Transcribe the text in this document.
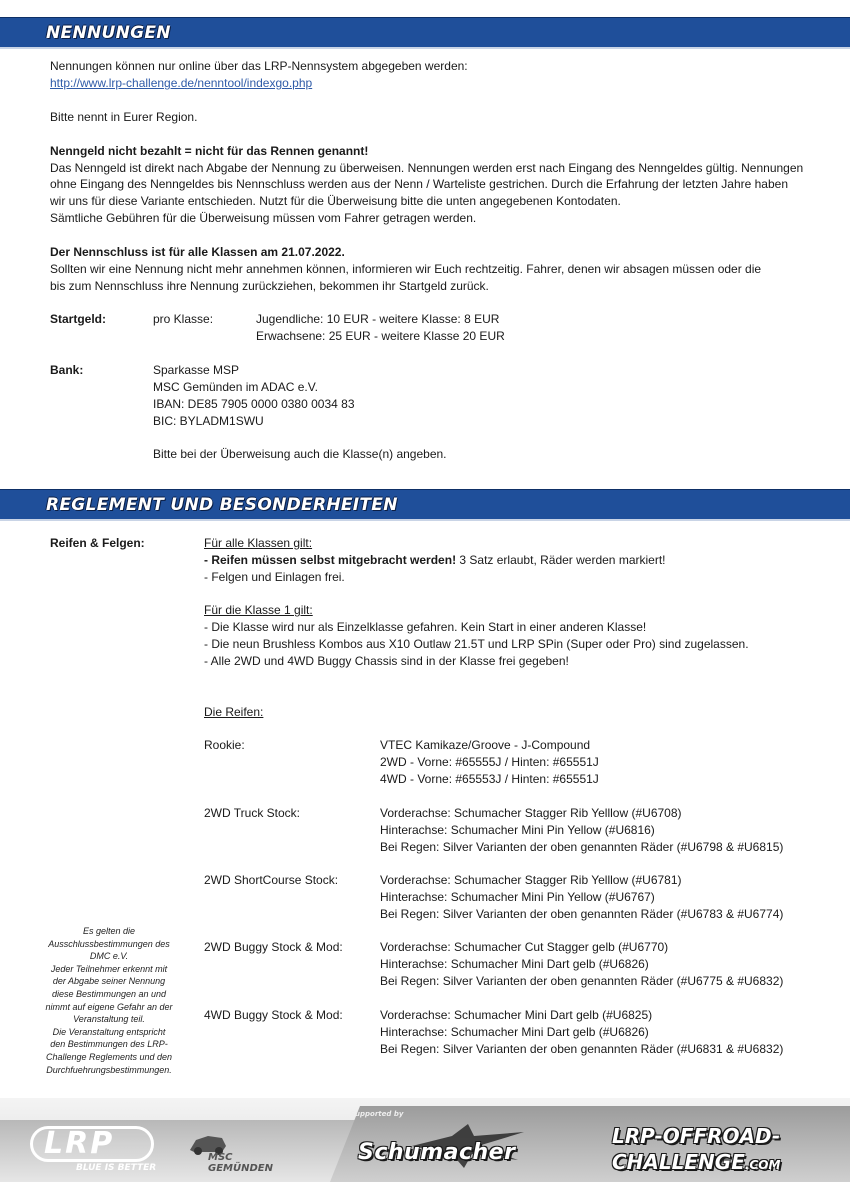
NENNUNGEN
Nennungen können nur online über das LRP-Nennsystem abgegeben werden:
http://www.lrp-challenge.de/nenntool/indexgo.php
Bitte nennt in Eurer Region.
Nenngeld nicht bezahlt = nicht für das Rennen genannt!
Das Nenngeld ist direkt nach Abgabe der Nennung zu überweisen. Nennungen werden erst nach Eingang des Nenngeldes gültig. Nennungen
ohne Eingang des Nenngeldes bis Nennschluss werden aus der Nenn / Warteliste gestrichen. Durch die Erfahrung der letzten Jahre haben
wir uns für diese Variante entschieden. Nutzt für die Überweisung bitte die unten angegebenen Kontodaten.
Sämtliche Gebühren für die Überweisung müssen vom Fahrer getragen werden.
Der Nennschluss ist für alle Klassen am 21.07.2022.
Sollten wir eine Nennung nicht mehr annehmen können, informieren wir Euch rechtzeitig. Fahrer, denen wir absagen müssen oder die
bis zum Nennschluss ihre Nennung zurückziehen, bekommen ihr Startgeld zurück.
Startgeld:	pro Klasse:	Jugendliche: 10 EUR - weitere Klasse: 8 EUR
Erwachsene: 25 EUR - weitere Klasse 20 EUR
Bank:	Sparkasse MSP
MSC Gemünden im ADAC e.V.
IBAN: DE85 7905 0000 0380 0034 83
BIC: BYLADM1SWU
Bitte bei der Überweisung auch die Klasse(n) angeben.
REGLEMENT UND BESONDERHEITEN
Reifen & Felgen:	Für alle Klassen gilt:
- Reifen müssen selbst mitgebracht werden! 3 Satz erlaubt, Räder werden markiert!
- Felgen und Einlagen frei.
Für die Klasse 1 gilt:
- Die Klasse wird nur als Einzelklasse gefahren. Kein Start in einer anderen Klasse!
- Die neun Brushless Kombos aus X10 Outlaw 21.5T und LRP SPin (Super oder Pro) sind zugelassen.
- Alle 2WD und 4WD Buggy Chassis sind in der Klasse frei gegeben!
Die Reifen:
Rookie:	VTEC Kamikaze/Groove - J-Compound
2WD - Vorne: #65555J / Hinten: #65551J
4WD - Vorne: #65553J / Hinten: #65551J
2WD Truck Stock:	Vorderachse: Schumacher Stagger Rib Yelllow (#U6708)
Hinterachse: Schumacher Mini Pin Yellow (#U6816)
Bei Regen: Silver Varianten der oben genannten Räder (#U6798 & #U6815)
2WD ShortCourse Stock:	Vorderachse: Schumacher Stagger Rib Yelllow (#U6781)
Hinterachse: Schumacher Mini Pin Yellow (#U6767)
Bei Regen: Silver Varianten der oben genannten Räder (#U6783 & #U6774)
2WD Buggy Stock & Mod:	Vorderachse: Schumacher Cut Stagger gelb (#U6770)
Hinterachse: Schumacher Mini Dart gelb (#U6826)
Bei Regen: Silver Varianten der oben genannten Räder (#U6775 & #U6832)
4WD Buggy Stock & Mod:	Vorderachse: Schumacher Mini Dart gelb (#U6825)
Hinterachse: Schumacher Mini Dart gelb (#U6826)
Bei Regen: Silver Varianten der oben genannten Räder (#U6831 & #U6832)
Es gelten die
Ausschlussbestimmungen des
DMC e.V.
Jeder Teilnehmer erkennt mit
der Abgabe seiner Nennung
diese Bestimmungen an und
nimmt auf eigene Gefahr an der
Veranstaltung teil.
Die Veranstaltung entspricht
den Bestimmungen des LRP-
Challenge Reglements und den
Durchfuehrungsbestimmungen.
LRP
BLUE IS BETTER
MSC
GEMÜNDEN
Supported by
Schumacher
LRP-OFFROAD-
CHALLENGE.COM
